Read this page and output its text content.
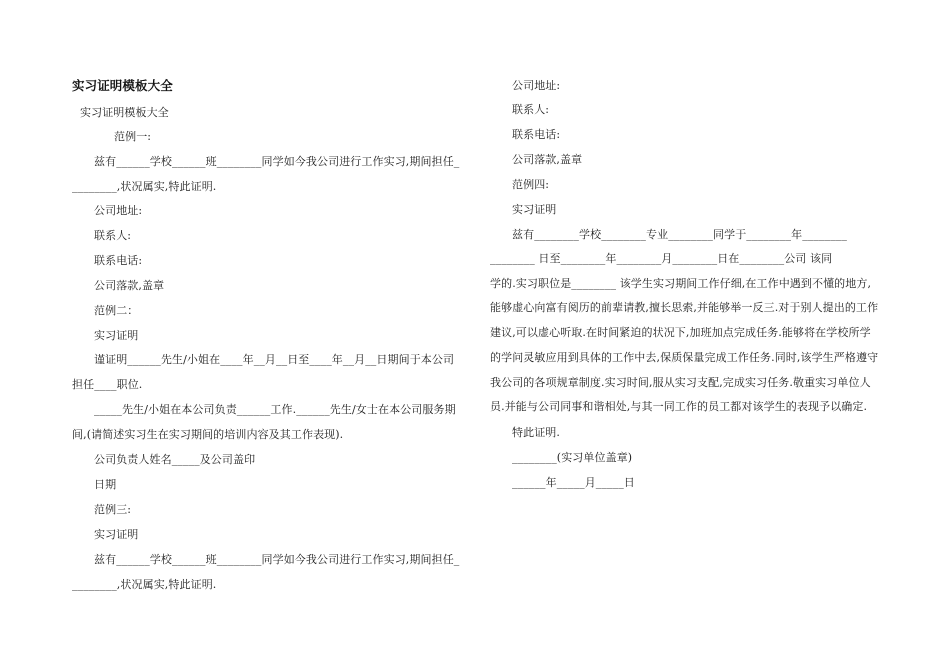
实习证明模板大全
实习证明模板大全
范例一:
兹有______学校______班________同学如今我公司进行工作实习,期间担任_
________,状况属实,特此证明.
公司地址:
联系人:
联系电话:
公司落款,盖章
范例二：
实习证明
谨证明______先生/小姐在____年__月__日至____年__月__日期间于本公司
担任____职位.
_____先生/小姐在本公司负责______工作.______先生/女士在本公司服务期
间,(请简述实习生在实习期间的培训内容及其工作表现).
公司负责人姓名_____及公司盖印
日期
范例三:
实习证明
兹有______学校______班________同学如今我公司进行工作实习,期间担任_
________,状况属实,特此证明.
公司地址:
联系人:
联系电话:
公司落款,盖章
范例四:
实习证明
兹有________学校________专业________同学于________年________
________ 日至________年________月________日在________公司 该同
学的.实习职位是________ 该学生实习期间工作仔细,在工作中遇到不懂的地方,
能够虚心向富有阅历的前辈请教,擅长思索,并能够举一反三.对于别人提出的工作
建议,可以虚心听取.在时间紧迫的状况下,加班加点完成任务.能够将在学校所学
的学问灵敏应用到具体的工作中去,保质保量完成工作任务.同时,该学生严格遵守
我公司的各项规章制度.实习时间,服从实习支配,完成实习任务.敬重实习单位人
员.并能与公司同事和谐相处,与其一同工作的员工都对该学生的表现予以确定.
特此证明.
________(实习单位盖章)
______年_____月_____日
